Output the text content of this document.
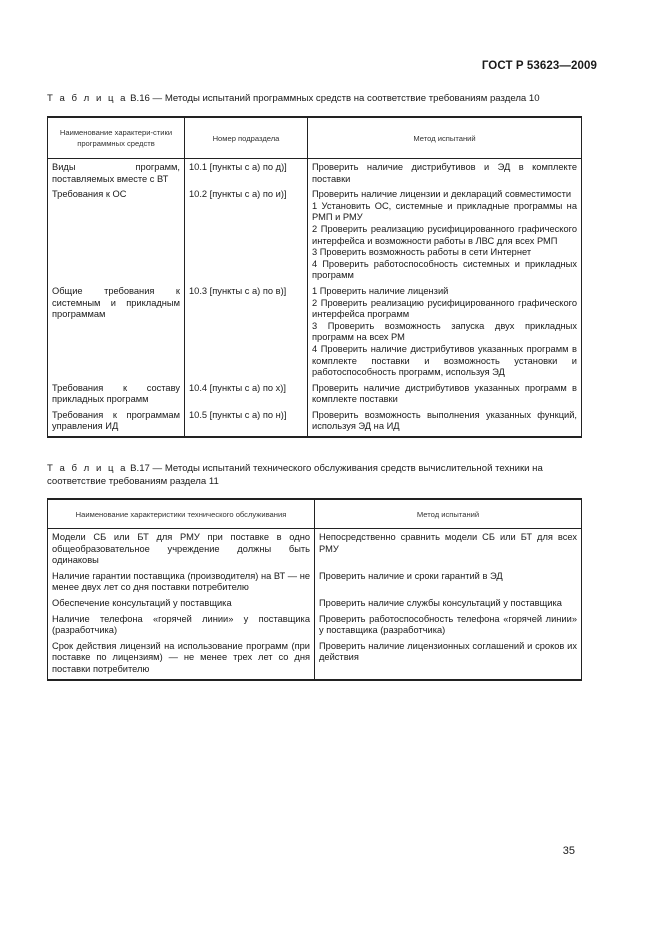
ГОСТ Р 53623—2009
Т а б л и ц а В.16 — Методы испытаний программных средств на соответствие требованиям раздела 10
Наименование характери-стики программных средств	Номер подраздела	Метод испытаний
Виды программ, поставляемых вместе с ВТ	10.1 [пункты с а) по д)]	Проверить наличие дистрибутивов и ЭД в комплекте поставки
Требования к ОС	10.2 [пункты с а) по и)]	Проверить наличие лицензии и деклараций совместимости
1 Установить ОС, системные и прикладные программы на РМП и РМУ
2 Проверить реализацию русифицированного графического интерфейса и возможности работы в ЛВС для всех РМП
3 Проверить возможность работы в сети Интернет
4 Проверить работоспособность системных и прикладных программ
Общие требования к системным и прикладным программам	10.3 [пункты с а) по в)]	1 Проверить наличие лицензий
2 Проверить реализацию русифицированного графического интерфейса программ
3 Проверить возможность запуска двух прикладных программ на всех РМ
4 Проверить наличие дистрибутивов указанных программ в комплекте поставки и возможность установки и работоспособность программ, используя ЭД
Требования к составу прикладных программ	10.4 [пункты с а) по х)]	Проверить наличие дистрибутивов указанных программ в комплекте поставки
Требования к программам управления ИД	10.5 [пункты с а) по н)]	Проверить возможность выполнения указанных функций, используя ЭД на ИД
Т а б л и ц а В.17 — Методы испытаний технического обслуживания средств вычислительной техники на соответствие требованиям раздела 11
Наименование характеристики технического обслуживания	Метод испытаний
Модели СБ или БТ для РМУ при поставке в одно общеобразовательное учреждение должны быть одинаковы	Непосредственно сравнить модели СБ или БТ для всех РМУ
Наличие гарантии поставщика (производителя) на ВТ — не менее двух лет со дня поставки потребителю	Проверить наличие и сроки гарантий в ЭД
Обеспечение консультаций у поставщика	Проверить наличие службы консультаций у поставщика
Наличие телефона «горячей линии» у поставщика (разработчика)	Проверить работоспособность телефона «горячей линии» у поставщика (разработчика)
Срок действия лицензий на использование программ (при поставке по лицензиям) — не менее трех лет со дня поставки потребителю	Проверить наличие лицензионных соглашений и сроков их действия
35
